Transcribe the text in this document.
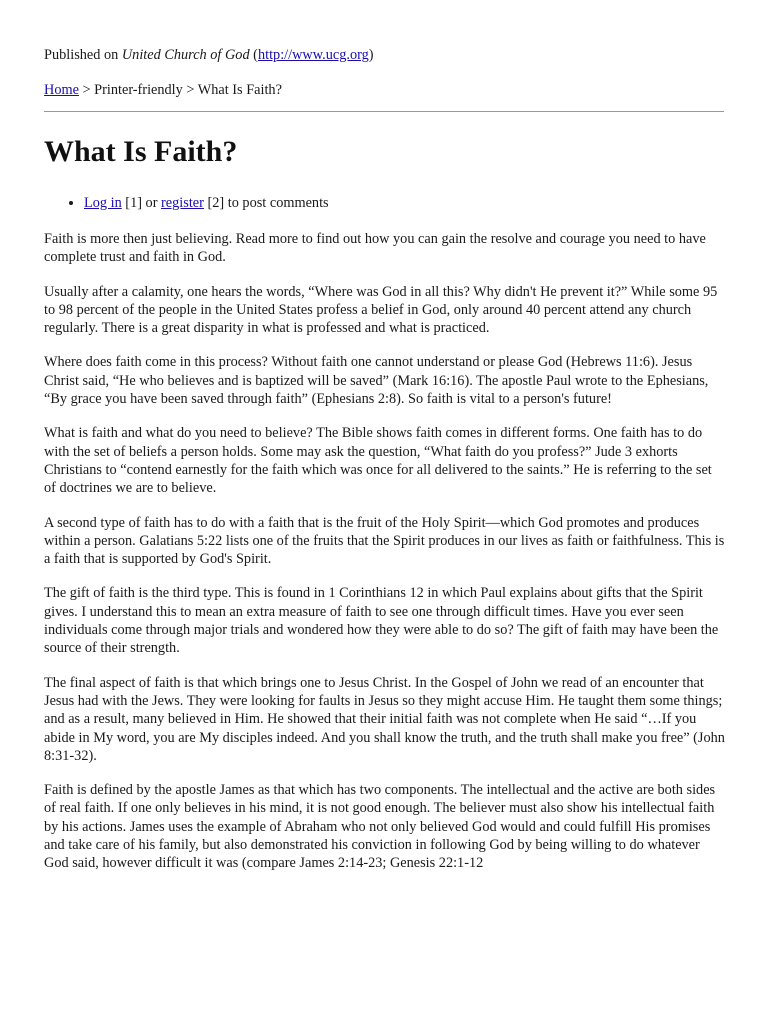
Published on United Church of God (http://www.ucg.org)
Home > Printer-friendly > What Is Faith?
What Is Faith?
• Log in [1] or register [2] to post comments

Faith is more then just believing. Read more to find out how you can gain the resolve and courage you need to have complete trust and faith in God.

Usually after a calamity, one hears the words, “Where was God in all this? Why didn't He prevent it?” While some 95 to 98 percent of the people in the United States profess a belief in God, only around 40 percent attend any church regularly. There is a great disparity in what is professed and what is practiced.

Where does faith come in this process? Without faith one cannot understand or please God (Hebrews 11:6). Jesus Christ said, “He who believes and is baptized will be saved” (Mark 16:16). The apostle Paul wrote to the Ephesians, “By grace you have been saved through faith” (Ephesians 2:8). So faith is vital to a person's future!

What is faith and what do you need to believe? The Bible shows faith comes in different forms. One faith has to do with the set of beliefs a person holds. Some may ask the question, “What faith do you profess?” Jude 3 exhorts Christians to “contend earnestly for the faith which was once for all delivered to the saints.” He is referring to the set of doctrines we are to believe.

A second type of faith has to do with a faith that is the fruit of the Holy Spirit—which God promotes and produces within a person. Galatians 5:22 lists one of the fruits that the Spirit produces in our lives as faith or faithfulness. This is a faith that is supported by God's Spirit.

The gift of faith is the third type. This is found in 1 Corinthians 12 in which Paul explains about gifts that the Spirit gives. I understand this to mean an extra measure of faith to see one through difficult times. Have you ever seen individuals come through major trials and wondered how they were able to do so? The gift of faith may have been the source of their strength.

The final aspect of faith is that which brings one to Jesus Christ. In the Gospel of John we read of an encounter that Jesus had with the Jews. They were looking for faults in Jesus so they might accuse Him. He taught them some things; and as a result, many believed in Him. He showed that their initial faith was not complete when He said “…If you abide in My word, you are My disciples indeed. And you shall know the truth, and the truth shall make you free” (John 8:31-32).

Faith is defined by the apostle James as that which has two components. The intellectual and the active are both sides of real faith. If one only believes in his mind, it is not good enough. The believer must also show his intellectual faith by his actions. James uses the example of Abraham who not only believed God would and could fulfill His promises and take care of his family, but also demonstrated his conviction in following God by being willing to do whatever God said, however difficult it was (compare James 2:14-23; Genesis 22:1-12
